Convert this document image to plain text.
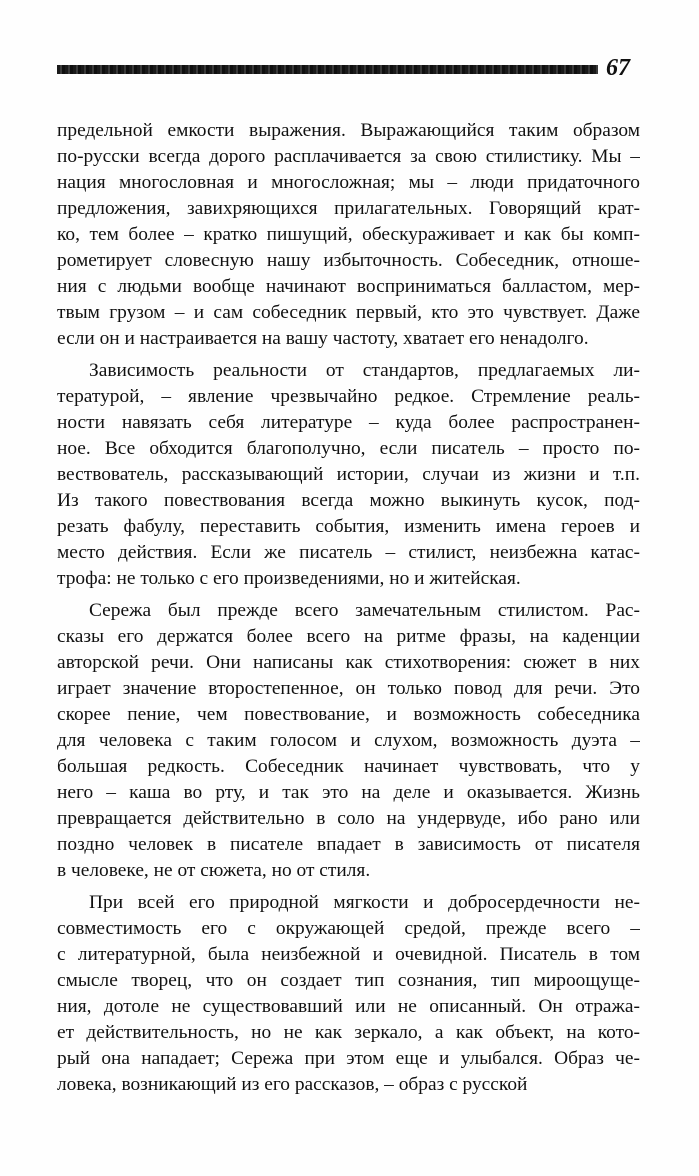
67
предельной емкости выражения. Выражающийся таким образом
по-русски всегда дорого расплачивается за свою стилистику. Мы –
нация многословная и многосложная; мы – люди придаточного
предложения, завихряющихся прилагательных. Говорящий крат-
ко, тем более – кратко пишущий, обескураживает и как бы комп-
рометирует словесную нашу избыточность. Собеседник, отноше-
ния с людьми вообще начинают восприниматься балластом, мер-
твым грузом – и сам собеседник первый, кто это чувствует. Даже
если он и настраивается на вашу частоту, хватает его ненадолго.
Зависимость реальности от стандартов, предлагаемых ли-
тературой, – явление чрезвычайно редкое. Стремление реаль-
ности навязать себя литературе – куда более распространен-
ное. Все обходится благополучно, если писатель – просто по-
вествователь, рассказывающий истории, случаи из жизни и т.п.
Из такого повествования всегда можно выкинуть кусок, под-
резать фабулу, переставить события, изменить имена героев и
место действия. Если же писатель – стилист, неизбежна катас-
трофа: не только с его произведениями, но и житейская.
Сережа был прежде всего замечательным стилистом. Рас-
сказы его держатся более всего на ритме фразы, на каденции
авторской речи. Они написаны как стихотворения: сюжет в них
играет значение второстепенное, он только повод для речи. Это
скорее пение, чем повествование, и возможность собеседника
для человека с таким голосом и слухом, возможность дуэта –
большая редкость. Собеседник начинает чувствовать, что у
него – каша во рту, и так это на деле и оказывается. Жизнь
превращается действительно в соло на ундервуде, ибо рано или
поздно человек в писателе впадает в зависимость от писателя
в человеке, не от сюжета, но от стиля.
При всей его природной мягкости и добросердечности не-
совместимость его с окружающей средой, прежде всего –
с литературной, была неизбежной и очевидной. Писатель в том
смысле творец, что он создает тип сознания, тип мироощуще-
ния, дотоле не существовавший или не описанный. Он отража-
ет действительность, но не как зеркало, а как объект, на кото-
рый она нападает; Сережа при этом еще и улыбался. Образ че-
ловека, возникающий из его рассказов, – образ с русской
